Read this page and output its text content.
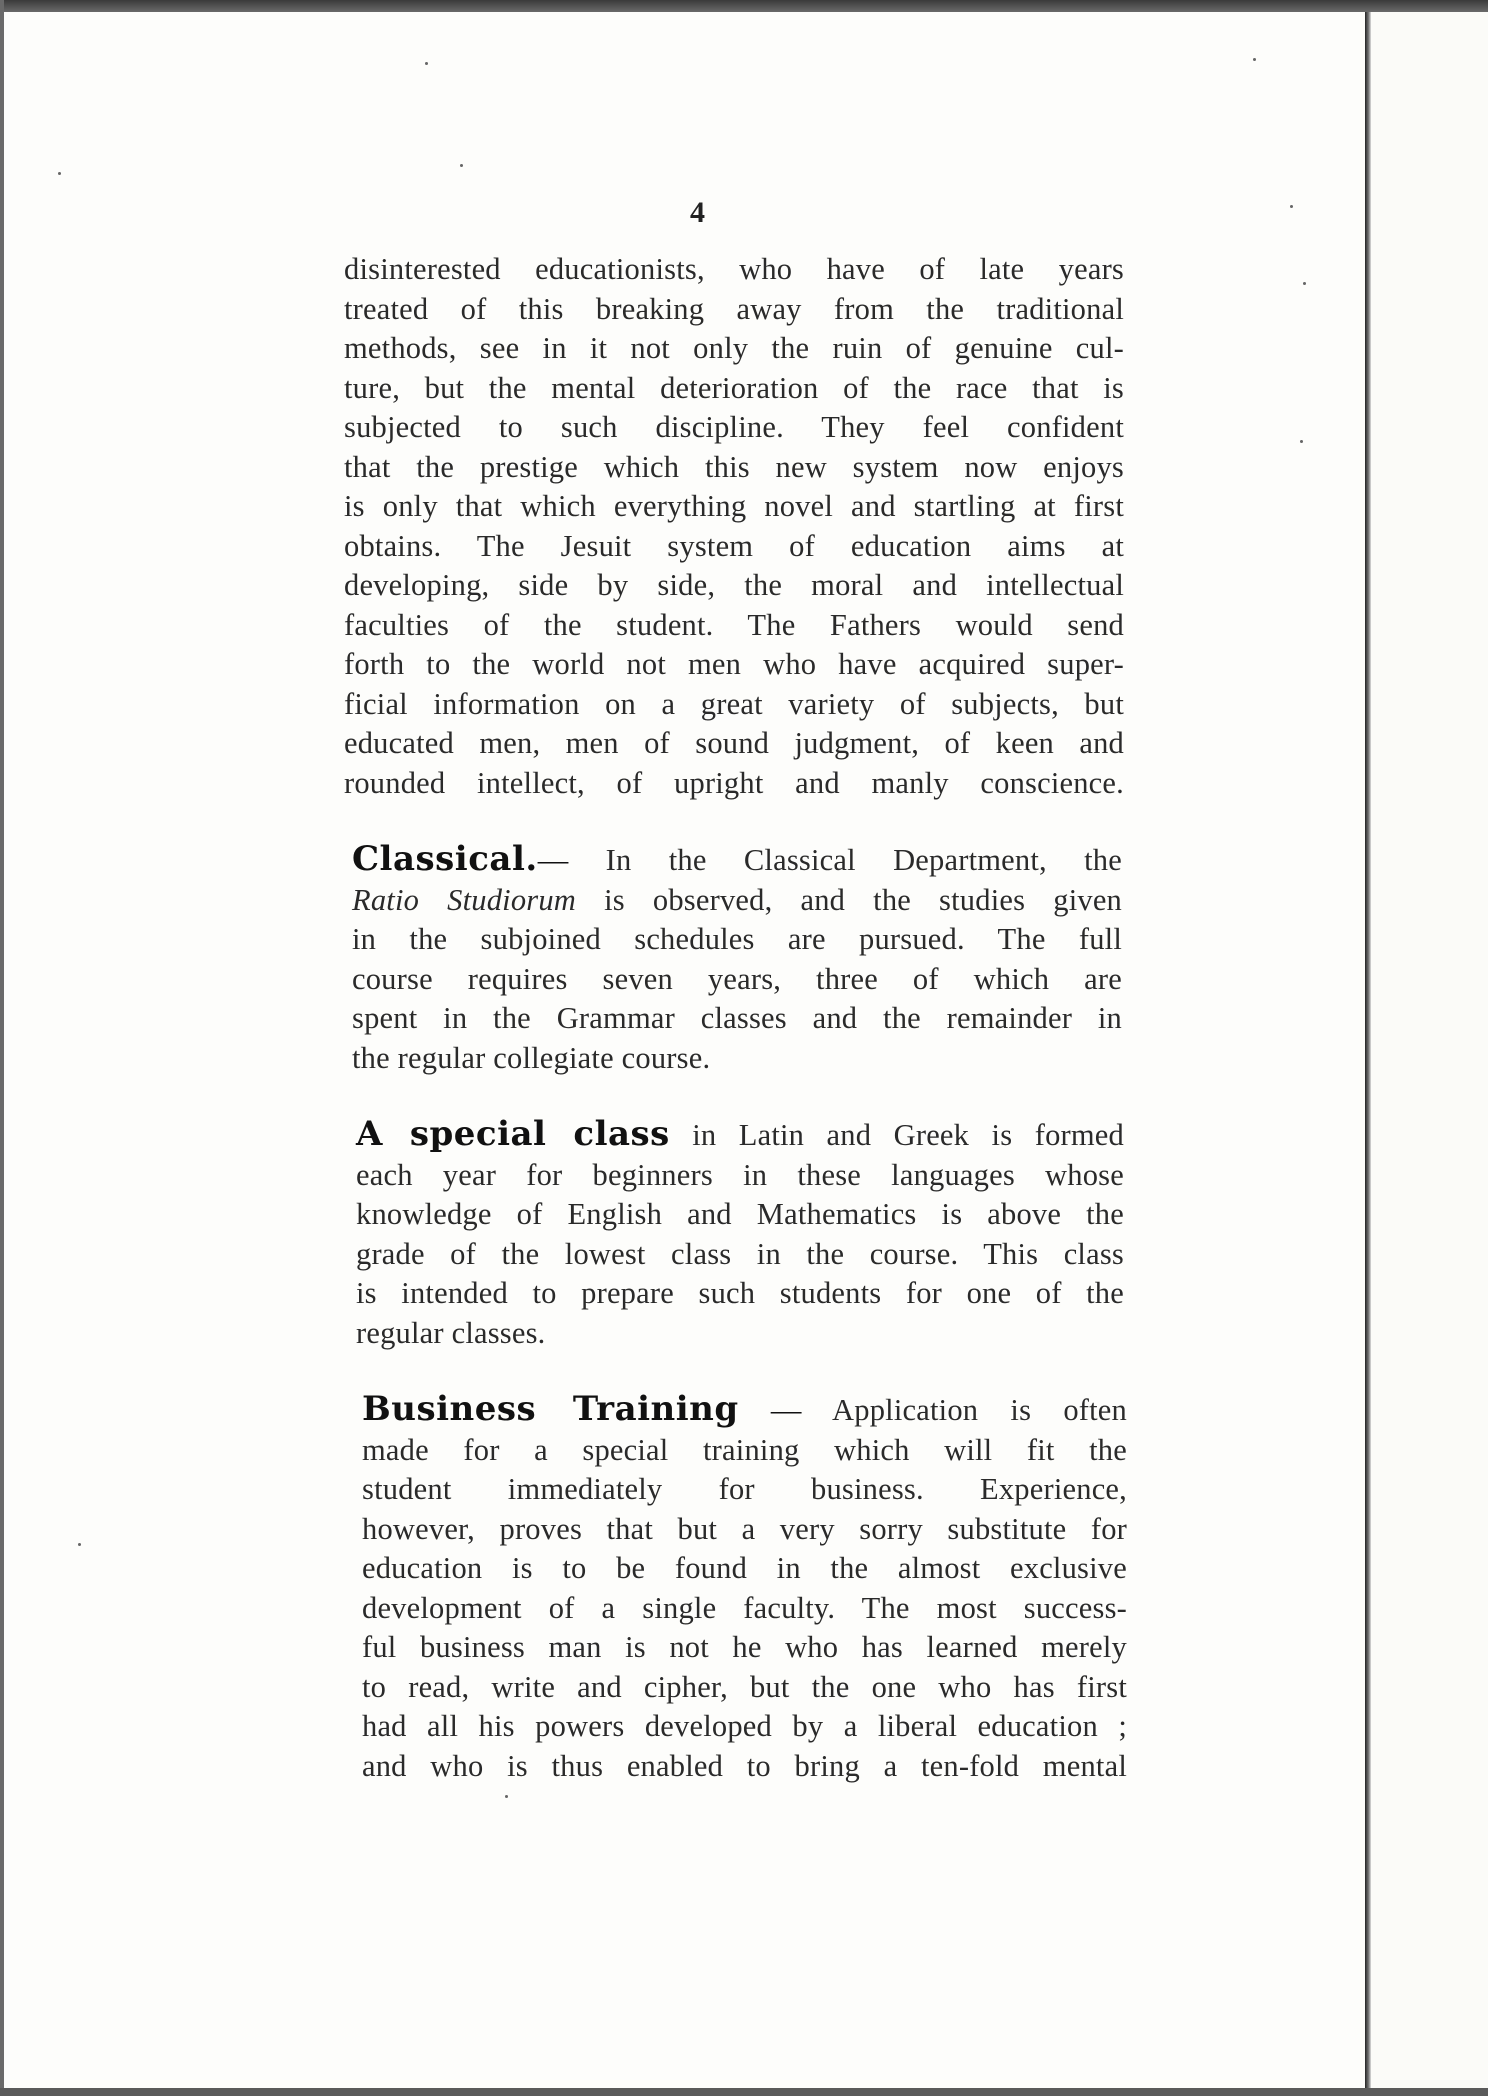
4
disinterested educationists, who have of late years
treated of this breaking away from the traditional
methods, see in it not only the ruin of genuine cul-
ture, but the mental deterioration of the race that is
subjected to such discipline. They feel confident
that the prestige which this new system now enjoys
is only that which everything novel and startling at first
obtains. The Jesuit system of education aims at
developing, side by side, the moral and intellectual
faculties of the student. The Fathers would send
forth to the world not men who have acquired super-
ficial information on a great variety of subjects, but
educated men, men of sound judgment, of keen and
rounded intellect, of upright and manly conscience.
Classical.— In the Classical Department, the
Ratio Studiorum is observed, and the studies given
in the subjoined schedules are pursued. The full
course requires seven years, three of which are
spent in the Grammar classes and the remainder in
the regular collegiate course.
A special class in Latin and Greek is formed
each year for beginners in these languages whose
knowledge of English and Mathematics is above the
grade of the lowest class in the course. This class
is intended to prepare such students for one of the
regular classes.
Business Training — Application is often
made for a special training which will fit the
student immediately for business. Experience,
however, proves that but a very sorry substitute for
education is to be found in the almost exclusive
development of a single faculty. The most success-
ful business man is not he who has learned merely
to read, write and cipher, but the one who has first
had all his powers developed by a liberal education ;
and who is thus enabled to bring a ten-fold mental
